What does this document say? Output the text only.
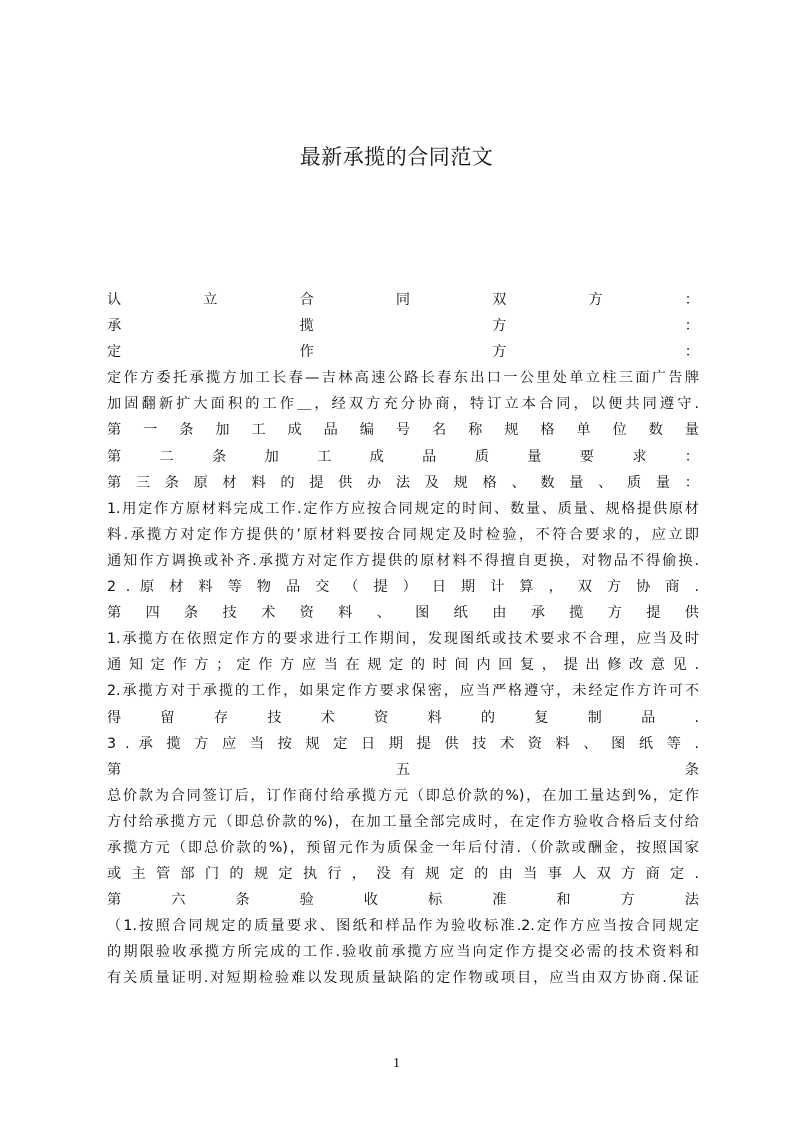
最新承揽的合同范文
认 立 合 同 双 方 ：
承 揽 方 ：
定 作 方 ：
定作方委托承揽方加工长春—吉林高速公路长春东出口一公里处单立柱三面广告牌
加固翻新扩大面积的工作＿，经双方充分协商，特订立本合同，以便共同遵守.
第 一 条 加 工 成 品 编 号 名 称 规 格 单 位 数 量
第 二 条 加 工 成 品 质 量 要 求 ：
第 三 条 原 材 料 的 提 供 办 法 及 规 格 、 数 量 、 质 量 ：
1.用定作方原材料完成工作.定作方应按合同规定的时间、数量、质量、规格提供原材
料.承揽方对定作方提供的’原材料要按合同规定及时检验，不符合要求的，应立即
通知作方调换或补齐.承揽方对定作方提供的原材料不得擅自更换，对物品不得偷换.
2 . 原 材 料 等 物 品 交 （ 提 ） 日 期 计 算 ， 双 方 协 商 .
第 四 条 技 术 资 料 、 图 纸 由 承 揽 方 提 供
1.承揽方在依照定作方的要求进行工作期间，发现图纸或技术要求不合理，应当及时
通 知 定 作 方 ； 定 作 方 应 当 在 规 定 的 时 间 内 回 复 ， 提 出 修 改 意 见 .
2.承揽方对于承揽的工作，如果定作方要求保密，应当严格遵守，未经定作方许可不
得 留 存 技 术 资 料 的 复 制 品 .
3 . 承 揽 方 应 当 按 规 定 日 期 提 供 技 术 资 料 、 图 纸 等 .
第 五 条
总价款为合同签订后，订作商付给承揽方元（即总价款的%)，在加工量达到%，定作
方付给承揽方元（即总价款的%)，在加工量全部完成时，在定作方验收合格后支付给
承揽方元（即总价款的%)，预留元作为质保金一年后付清.（价款或酬金，按照国家
或 主 管 部 门 的 规 定 执 行 ， 没 有 规 定 的 由 当 事 人 双 方 商 定 .
第 六 条 验 收 标 准 和 方 法
（1.按照合同规定的质量要求、图纸和样品作为验收标准.2.定作方应当按合同规定
的期限验收承揽方所完成的工作.验收前承揽方应当向定作方提交必需的技术资料和
有关质量证明.对短期检验难以发现质量缺陷的定作物或项目，应当由双方协商.保证
1
